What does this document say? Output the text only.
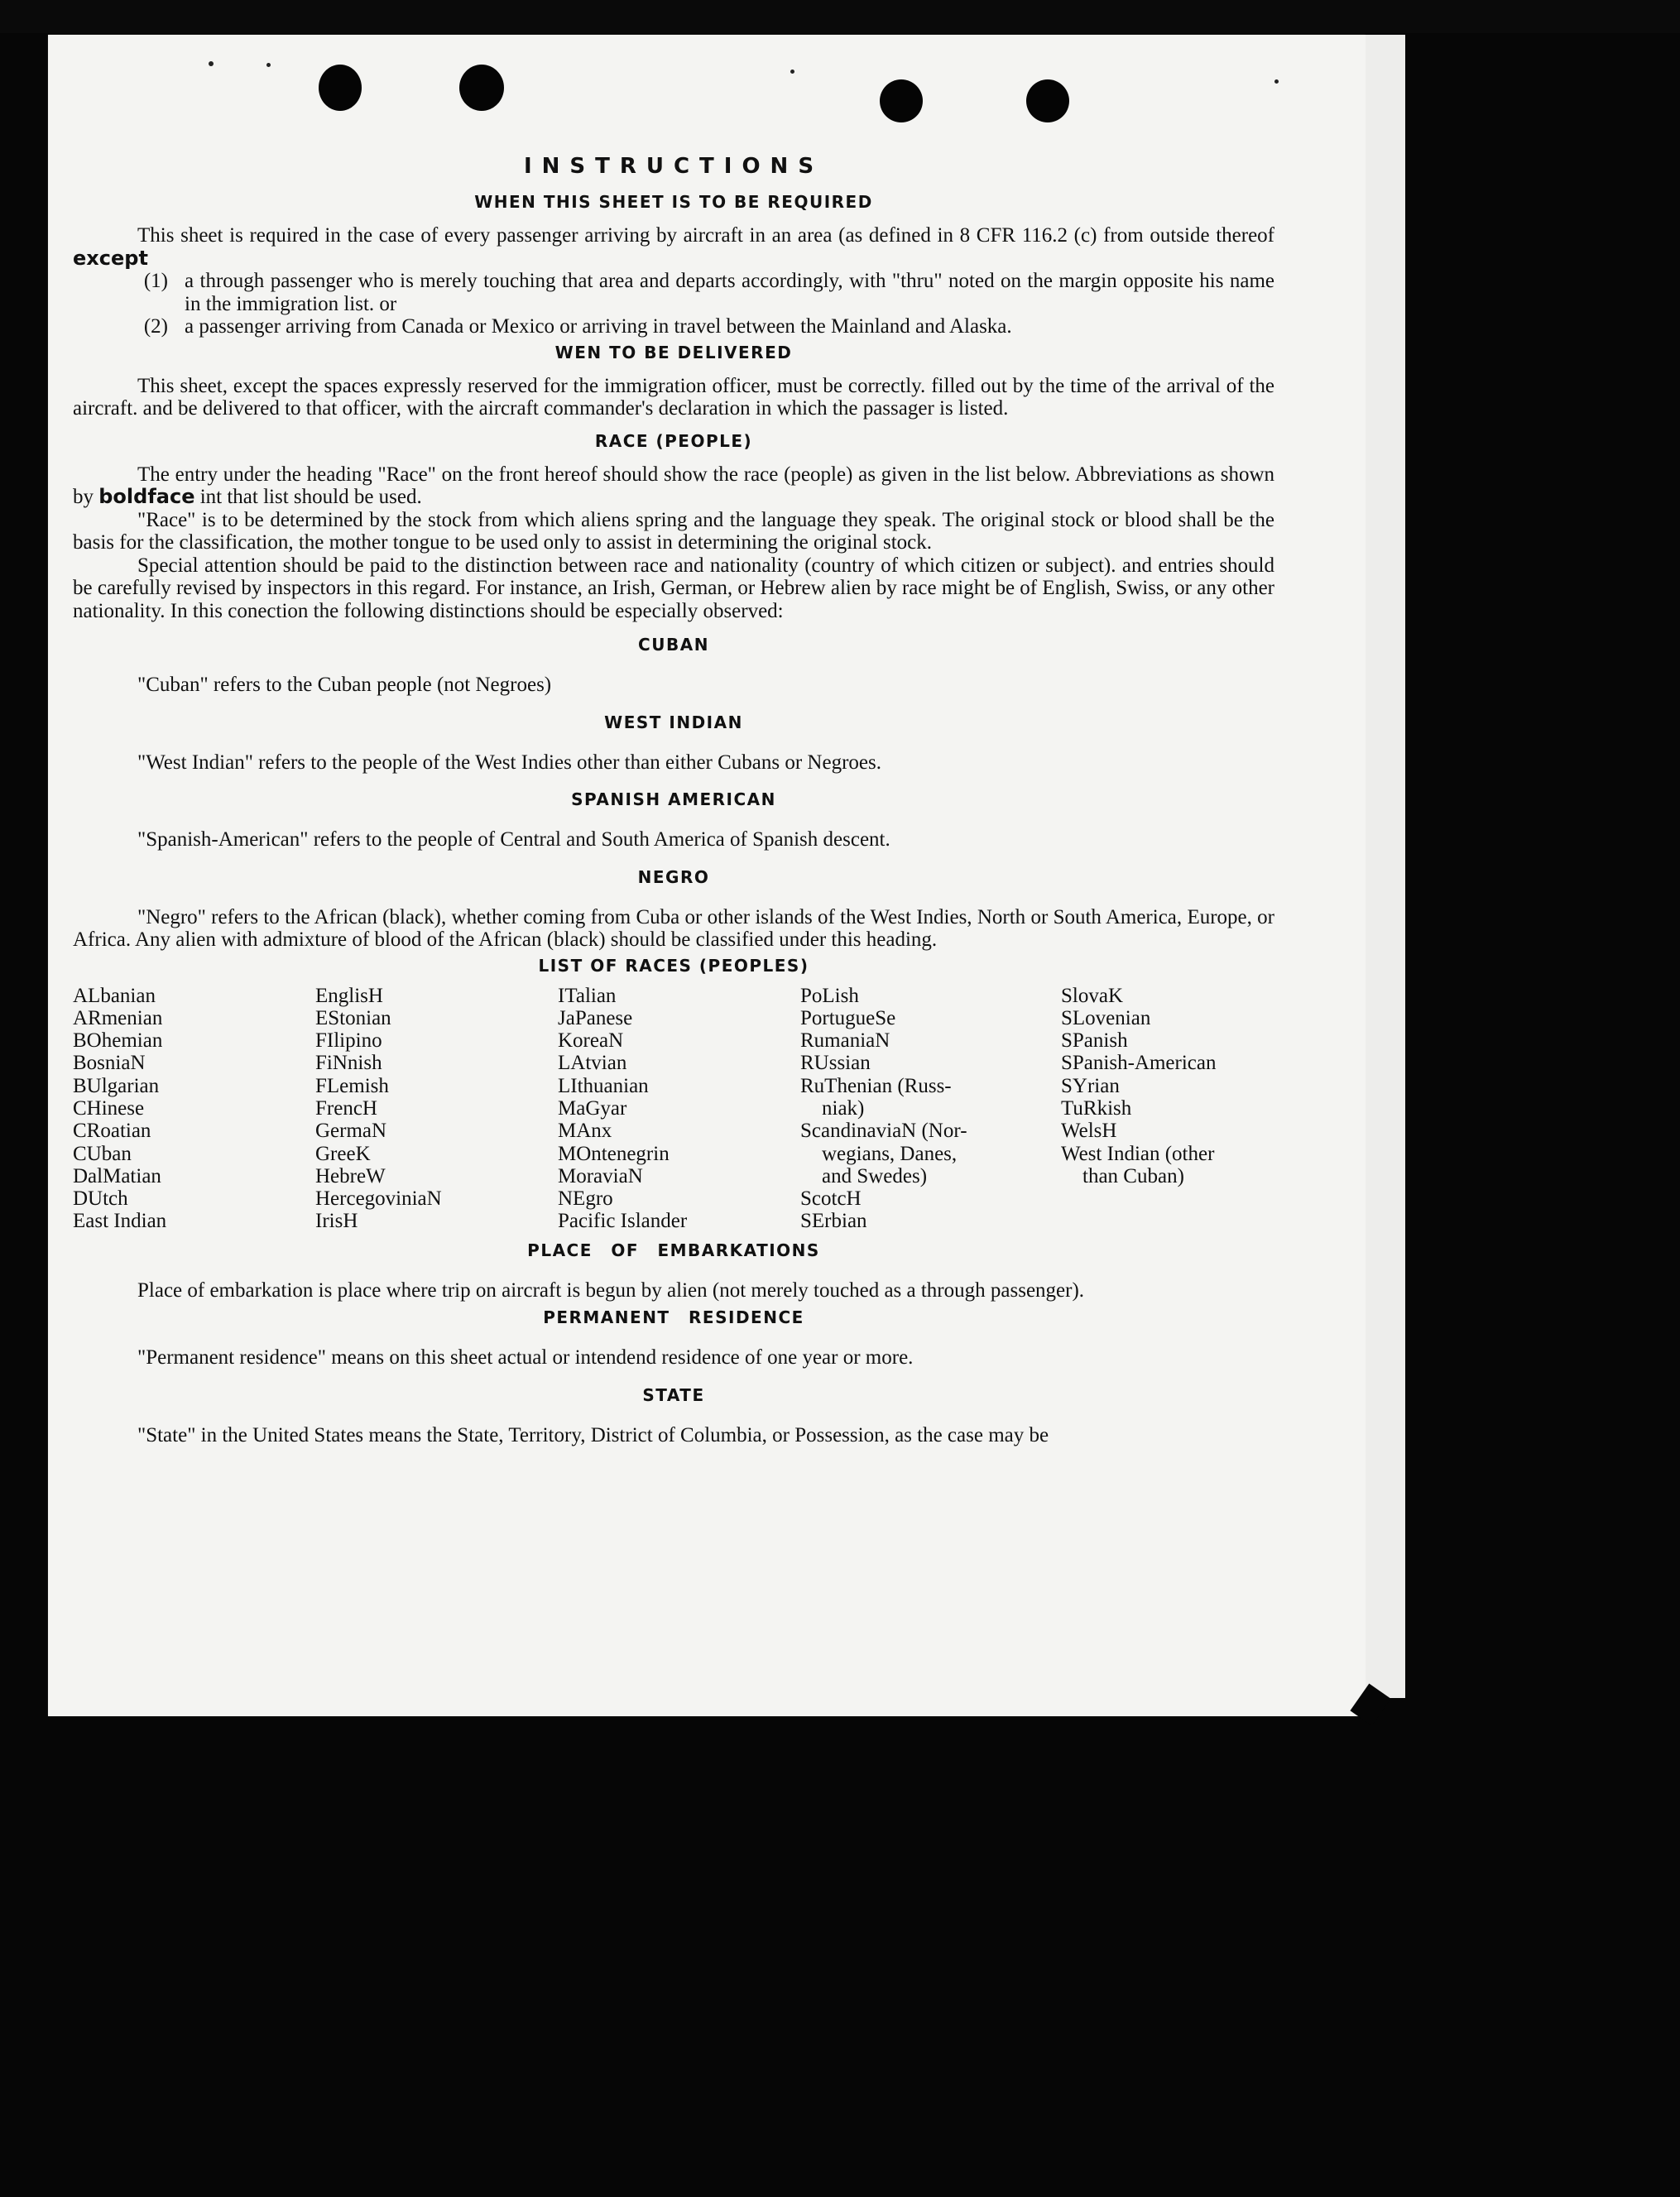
INSTRUCTIONS
WHEN THIS SHEET IS TO BE REQUIRED

This sheet is required in the case of every passenger arriving by aircraft in an area (as defined in 8 CFR 116.2 (c) from outside thereof except

(1) a through passenger who is merely touching that area and departs accordingly, with "thru" noted on the margin opposite his name in the immigration list. or
(2) a passenger arriving from Canada or Mexico or arriving in travel between the Mainland and Alaska.
WEN TO BE DELIVERED

This sheet, except the spaces expressly reserved for the immigration officer, must be correctly. filled out by the time of the arrival of the aircraft. and be delivered to that officer, with the aircraft commander's declaration in which the passager is listed.

RACE (PEOPLE)

The entry under the heading "Race" on the front hereof should show the race (people) as given in the list below. Abbreviations as shown by boldface int that list should be used.

"Race" is to be determined by the stock from which aliens spring and the language they speak. The original stock or blood shall be the basis for the classification, the mother tongue to be used only to assist in determining the original stock.

Special attention should be paid to the distinction between race and nationality (country of which citizen or subject). and entries should be carefully revised by inspectors in this regard. For instance, an Irish, German, or Hebrew alien by race might be of English, Swiss, or any other nationality. In this conection the following distinctions should be especially observed:

CUBAN

"Cuban" refers to the Cuban people (not Negroes)

WEST INDIAN

"West Indian" refers to the people of the West Indies other than either Cubans or Negroes.

SPANISH AMERICAN

"Spanish-American" refers to the people of Central and South America of Spanish descent.

NEGRO

"Negro" refers to the African (black), whether coming from Cuba or other islands of the West Indies, North or South America, Europe, or Africa. Any alien with admixture of blood of the African (black) should be classified under this heading.

LIST OF RACES (PEOPLES)
ALbanian
ARmenian
BOhemian
BosniaN
BUlgarian
CHinese
CRoatian
CUban
DalMatian
DUtch
East Indian
EnglisH
EStonian
FIlipino
FiNnish
FLemish
FrencH
GermaN
GreeK
HebreW
HercegoviniaN
IrisH
ITalian
JaPanese
KoreaN
LAtvian
LIthuanian
MaGyar
MAnx
MOntenegrin
MoraviaN
NEgro
Pacific Islander
PoLish
PortugueSe
RumaniaN
RUssian
RuThenian (Russ-
niak)
ScandinaviaN (Nor-
wegians, Danes,
and Swedes)
ScotcH
SErbian
SlovaK
SLovenian
SPanish
SPanish-American
SYrian
TuRkish
WelsH
West Indian (other
than Cuban)
PLACE OF EMBARKATIONS

Place of embarkation is place where trip on aircraft is begun by alien (not merely touched as a through passenger).

PERMANENT RESIDENCE

"Permanent residence" means on this sheet actual or intendend residence of one year or more.

STATE

"State" in the United States means the State, Territory, District of Columbia, or Possession, as the case may be
